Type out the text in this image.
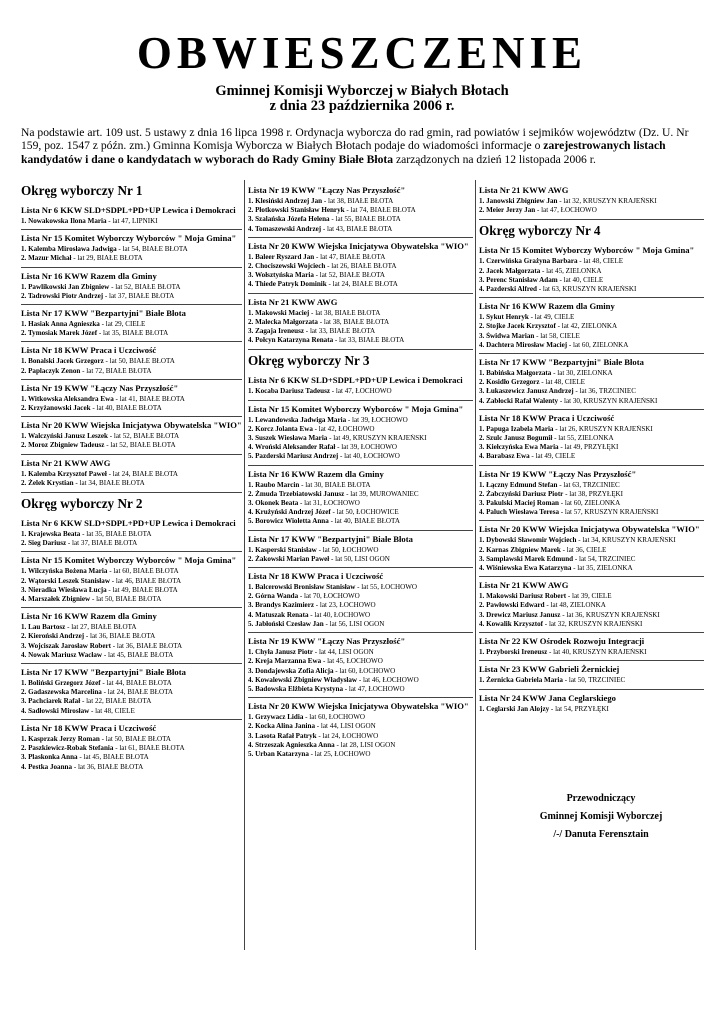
OBWIESZCZENIE
Gminnej Komisji Wyborczej w Białych Błotach
z dnia 23 października 2006 r.
Na podstawie art. 109 ust. 5 ustawy z dnia 16 lipca 1998 r. Ordynacja wyborcza do rad gmin, rad powiatów i sejmików województw (Dz. U. Nr 159, poz. 1547 z późn. zm.) Gminna Komisja Wyborcza w Białych Błotach podaje do wiadomości informacje o zarejestrowanych listach kandydatów i dane o kandydatach w wyborach do Rady Gminy Białe Błota zarządzonych na dzień 12 listopada 2006 r.
Okręg wyborczy Nr 1
Lista Nr 6 KKW SLD+SDPL+PD+UP Lewica i Demokraci
1. Nowakowska Ilona Maria - lat 47, LIPNIKI
Lista Nr 15 Komitet Wyborczy Wyborców " Moja Gmina"
1. Kalemba Mirosława Jadwiga - lat 54, BIAŁE BŁOTA
2. Mazur Michał - lat 29, BIAŁE BŁOTA
Lista Nr 16 KWW Razem dla Gminy
1. Pawlikowski Jan Zbigniew - lat 52, BIAŁE BŁOTA
2. Tadrowski Piotr Andrzej - lat 37, BIAŁE BŁOTA
Lista Nr 17 KWW "Bezpartyjni" Białe Błota
1. Hasiak Anna Agnieszka - lat 29, CIELE
2. Tymosiak Marek Józef - lat 35, BIAŁE BŁOTA
Lista Nr 18 KWW Praca i Uczciwość
1. Bonalski Jacek Grzegorz - lat 50, BIAŁE BŁOTA
2. Paplaczyk Zenon - lat 72, BIAŁE BŁOTA
Lista Nr 19 KWW "Łączy Nas Przyszłość"
1. Witkowska Aleksandra Ewa - lat 41, BIAŁE BŁOTA
2. Krzyżanowski Jacek - lat 40, BIAŁE BŁOTA
Lista Nr 20 KWW Wiejska Inicjatywa Obywatelska "WIO"
1. Walczyński Janusz Leszek - lat 52, BIAŁE BŁOTA
2. Moroz Zbigniew Tadeusz - lat 52, BIAŁE BŁOTA
Lista Nr 21 KWW AWG
1. Kalemba Krzysztof Paweł - lat 24, BIAŁE BŁOTA
2. Żelek Krystian - lat 34, BIAŁE BŁOTA
Okręg wyborczy Nr 2
Lista Nr 6 KKW SLD+SDPL+PD+UP Lewica i Demokraci
1. Krajewska Beata - lat 35, BIAŁE BŁOTA
2. Sieg Dariusz - lat 37, BIAŁE BŁOTA
Lista Nr 15 Komitet Wyborczy Wyborców " Moja Gmina"
1. Wilczyńska Bożena Maria - lat 60, BIAŁE BŁOTA
2. Wątorski Leszek Stanisław - lat 46, BIAŁE BŁOTA
3. Nieradka Wiesława Łucja - lat 49, BIAŁE BŁOTA
4. Marszałek Zbigniew - lat 50, BIAŁE BŁOTA
Lista Nr 16 KWW Razem dla Gminy
1. Lau Bartosz - lat 27, BIAŁE BŁOTA
2. Kieroński Andrzej - lat 36, BIAŁE BŁOTA
3. Wojciszak Jarosław Robert - lat 36, BIAŁE BŁOTA
4. Nowak Mariusz Wacław - lat 45, BIAŁE BŁOTA
Lista Nr 17 KWW "Bezpartyjni" Białe Błota
1. Boliński Grzegorz Józef - lat 44, BIAŁE BŁOTA
2. Gadaszewska Marcelina - lat 24, BIAŁE BŁOTA
3. Pachciarek Rafał - lat 22, BIAŁE BŁOTA
4. Sadłowski Mirosław - lat 48, CIELE
Lista Nr 18 KWW Praca i Uczciwość
1. Kasprzak Jerzy Roman - lat 50, BIAŁE BŁOTA
2. Paszkiewicz-Robak Stefania - lat 61, BIAŁE BŁOTA
3. Plaskonka Anna - lat 45, BIAŁE BŁOTA
4. Pestka Joanna - lat 36, BIAŁE BŁOTA
Lista Nr 19 KWW "Łączy Nas Przyszłość"
1. Klesiński Andrzej Jan - lat 38, BIAŁE BŁOTA
2. Płotkowski Stanisław Henryk - lat 74, BIAŁE BŁOTA
3. Szalańska Józefa Helena - lat 55, BIAŁE BŁOTA
4. Tomaszewski Andrzej - lat 43, BIAŁE BŁOTA
Lista Nr 20 KWW Wiejska Inicjatywa Obywatelska "WIO"
1. Baleer Ryszard Jan - lat 47, BIAŁE BŁOTA
2. Chociszewski Wojciech - lat 26, BIAŁE BŁOTA
3. Wołsztyńska Maria - lat 52, BIAŁE BŁOTA
4. Thiede Patryk Dominik - lat 24, BIAŁE BŁOTA
Lista Nr 21 KWW AWG
1. Makowski Maciej - lat 38, BIAŁE BŁOTA
2. Malecka Małgorzata - lat 38, BIAŁE BŁOTA
3. Zagaja Ireneusz - lat 33, BIAŁE BŁOTA
4. Połcyn Katarzyna Renata - lat 33, BIAŁE BŁOTA
Okręg wyborczy Nr 3
Lista Nr 6 KKW SLD+SDPL+PD+UP Lewica i Demokraci
1. Kocaba Dariusz Tadeusz - lat 47, ŁOCHOWO
Lista Nr 15 Komitet Wyborczy Wyborców " Moja Gmina"
1. Lewandowska Jadwiga Maria - lat 39, ŁOCHOWO
2. Korcz Jolanta Ewa - lat 42, ŁOCHOWO
3. Suszek Wiesława Maria - lat 49, KRUSZYN KRAJEŃSKI
4. Wroński Aleksander Rafał - lat 39, ŁOCHOWO
5. Pazderski Mariusz Andrzej - lat 40, ŁOCHOWO
Lista Nr 16 KWW Razem dla Gminy
1. Raubo Marcin - lat 30, BIAŁE BŁOTA
2. Żmuda Trzebiatowski Janusz - lat 39, MUROWANIEC
3. Okonek Beata - lat 31, ŁOCHOWO
4. Krużyński Andrzej Józef - lat 50, ŁOCHOWICE
5. Borowicz Wioletta Anna - lat 40, BIAŁE BŁOTA
Lista Nr 17 KWW "Bezpartyjni" Białe Błota
1. Kasperski Stanisław - lat 50, ŁOCHOWO
2. Żakowski Marian Paweł - lat 50, LISI OGON
Lista Nr 18 KWW Praca i Uczciwość
1. Balcerowski Bronisław Stanisław - lat 55, ŁOCHOWO
2. Górna Wanda - lat 70, ŁOCHOWO
3. Brandys Kazimierz - lat 23, ŁOCHOWO
4. Matuszak Renata - lat 40, ŁOCHOWO
5. Jabłoński Czesław Jan - lat 56, LISI OGON
Lista Nr 19 KWW "Łączy Nas Przyszłość"
1. Chyła Janusz Piotr - lat 44, LISI OGON
2. Kreja Marzanna Ewa - lat 45, ŁOCHOWO
3. Dondajewska Zofia Alicja - lat 60, ŁOCHOWO
4. Kowalewski Zbigniew Władysław - lat 46, ŁOCHOWO
5. Badowska Elżbieta Krystyna - lat 47, ŁOCHOWO
Lista Nr 20 KWW Wiejska Inicjatywa Obywatelska "WIO"
1. Grzywacz Lidia - lat 60, ŁOCHOWO
2. Kocka Alina Janina - lat 44, LISI OGON
3. Lasota Rafał Patryk - lat 24, ŁOCHOWO
4. Strzeszak Agnieszka Anna - lat 28, LISI OGON
5. Urban Katarzyna - lat 25, ŁOCHOWO
Lista Nr 21 KWW AWG
1. Janowski Zbigniew Jan - lat 32, KRUSZYN KRAJEŃSKI
2. Meier Jerzy Jan - lat 47, ŁOCHOWO
Okręg wyborczy Nr 4
Lista Nr 15 Komitet Wyborczy Wyborców " Moja Gmina"
1. Czerwińska Grażyna Barbara - lat 48, CIELE
2. Jacek Małgorzata - lat 45, ZIELONKA
3. Perenc Stanisław Adam - lat 40, CIELE
4. Pazderski Alfred - lat 63, KRUSZYN KRAJEŃSKI
Lista Nr 16 KWW Razem dla Gminy
1. Sykut Henryk - lat 49, CIELE
2. Stojke Jacek Krzysztof - lat 42, ZIELONKA
3. Świdwa Marian - lat 58, CIELE
4. Dachtera Mirosław Maciej - lat 60, ZIELONKA
Lista Nr 17 KWW "Bezpartyjni" Białe Błota
1. Babińska Małgorzata - lat 30, ZIELONKA
2. Kosidło Grzegorz - lat 48, CIELE
3. Łukaszewicz Janusz Andrzej - lat 36, TRZCINIEC
4. Zabłocki Rafał Walenty - lat 30, KRUSZYN KRAJEŃSKI
Lista Nr 18 KWW Praca i Uczciwość
1. Papuga Izabela Maria - lat 26, KRUSZYN KRAJEŃSKI
2. Szulc Janusz Bogumił - lat 55, ZIELONKA
3. Kiełczyńska Ewa Maria - lat 49, PRZYŁĘKI
4. Barabasz Ewa - lat 49, CIELE
Lista Nr 19 KWW "Łączy Nas Przyszłość"
1. Łączny Edmund Stefan - lat 63, TRZCINIEC
2. Żabczyński Dariusz Piotr - lat 38, PRZYŁĘKI
3. Pakulski Maciej Roman - lat 60, ZIELONKA
4. Paluch Wiesława Teresa - lat 57, KRUSZYN KRAJEŃSKI
Lista Nr 20 KWW Wiejska Inicjatywa Obywatelska "WIO"
1. Dybowski Sławomir Wojciech - lat 34, KRUSZYN KRAJEŃSKI
2. Karnas Zbigniew Marek - lat 36, CIELE
3. Samplawski Marek Edmund - lat 54, TRZCINIEC
4. Wiśniewska Ewa Katarzyna - lat 35, ZIELONKA
Lista Nr 21 KWW AWG
1. Makowski Dariusz Robert - lat 39, CIELE
2. Pawłowski Edward - lat 48, ZIELONKA
3. Drewicz Mariusz Janusz - lat 36, KRUSZYN KRAJEŃSKI
4. Kowalik Krzysztof - lat 32, KRUSZYN KRAJEŃSKI
Lista Nr 22 KW Ośrodek Rozwoju Integracji
1. Przyborski Ireneusz - lat 40, KRUSZYN KRAJEŃSKI
Lista Nr 23 KWW Gabrieli Żernickiej
1. Żernicka Gabriela Maria - lat 50, TRZCINIEC
Lista Nr 24 KWW Jana Ceglarskiego
1. Ceglarski Jan Alojzy - lat 54, PRZYŁĘKI
Przewodniczący
Gminnej Komisji Wyborczej
/-/ Danuta Ferensztain
